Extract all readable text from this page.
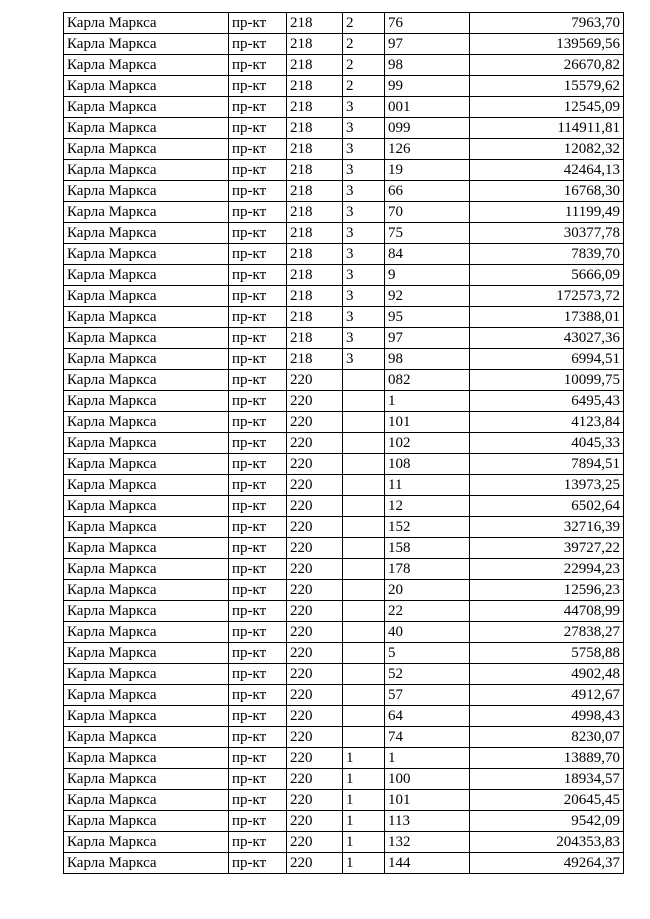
Карла Маркса	пр-кт	218	2	76	7963,70
Карла Маркса	пр-кт	218	2	97	139569,56
Карла Маркса	пр-кт	218	2	98	26670,82
Карла Маркса	пр-кт	218	2	99	15579,62
Карла Маркса	пр-кт	218	3	001	12545,09
Карла Маркса	пр-кт	218	3	099	114911,81
Карла Маркса	пр-кт	218	3	126	12082,32
Карла Маркса	пр-кт	218	3	19	42464,13
Карла Маркса	пр-кт	218	3	66	16768,30
Карла Маркса	пр-кт	218	3	70	11199,49
Карла Маркса	пр-кт	218	3	75	30377,78
Карла Маркса	пр-кт	218	3	84	7839,70
Карла Маркса	пр-кт	218	3	9	5666,09
Карла Маркса	пр-кт	218	3	92	172573,72
Карла Маркса	пр-кт	218	3	95	17388,01
Карла Маркса	пр-кт	218	3	97	43027,36
Карла Маркса	пр-кт	218	3	98	6994,51
Карла Маркса	пр-кт	220		082	10099,75
Карла Маркса	пр-кт	220		1	6495,43
Карла Маркса	пр-кт	220		101	4123,84
Карла Маркса	пр-кт	220		102	4045,33
Карла Маркса	пр-кт	220		108	7894,51
Карла Маркса	пр-кт	220		11	13973,25
Карла Маркса	пр-кт	220		12	6502,64
Карла Маркса	пр-кт	220		152	32716,39
Карла Маркса	пр-кт	220		158	39727,22
Карла Маркса	пр-кт	220		178	22994,23
Карла Маркса	пр-кт	220		20	12596,23
Карла Маркса	пр-кт	220		22	44708,99
Карла Маркса	пр-кт	220		40	27838,27
Карла Маркса	пр-кт	220		5	5758,88
Карла Маркса	пр-кт	220		52	4902,48
Карла Маркса	пр-кт	220		57	4912,67
Карла Маркса	пр-кт	220		64	4998,43
Карла Маркса	пр-кт	220		74	8230,07
Карла Маркса	пр-кт	220	1	1	13889,70
Карла Маркса	пр-кт	220	1	100	18934,57
Карла Маркса	пр-кт	220	1	101	20645,45
Карла Маркса	пр-кт	220	1	113	9542,09
Карла Маркса	пр-кт	220	1	132	204353,83
Карла Маркса	пр-кт	220	1	144	49264,37
